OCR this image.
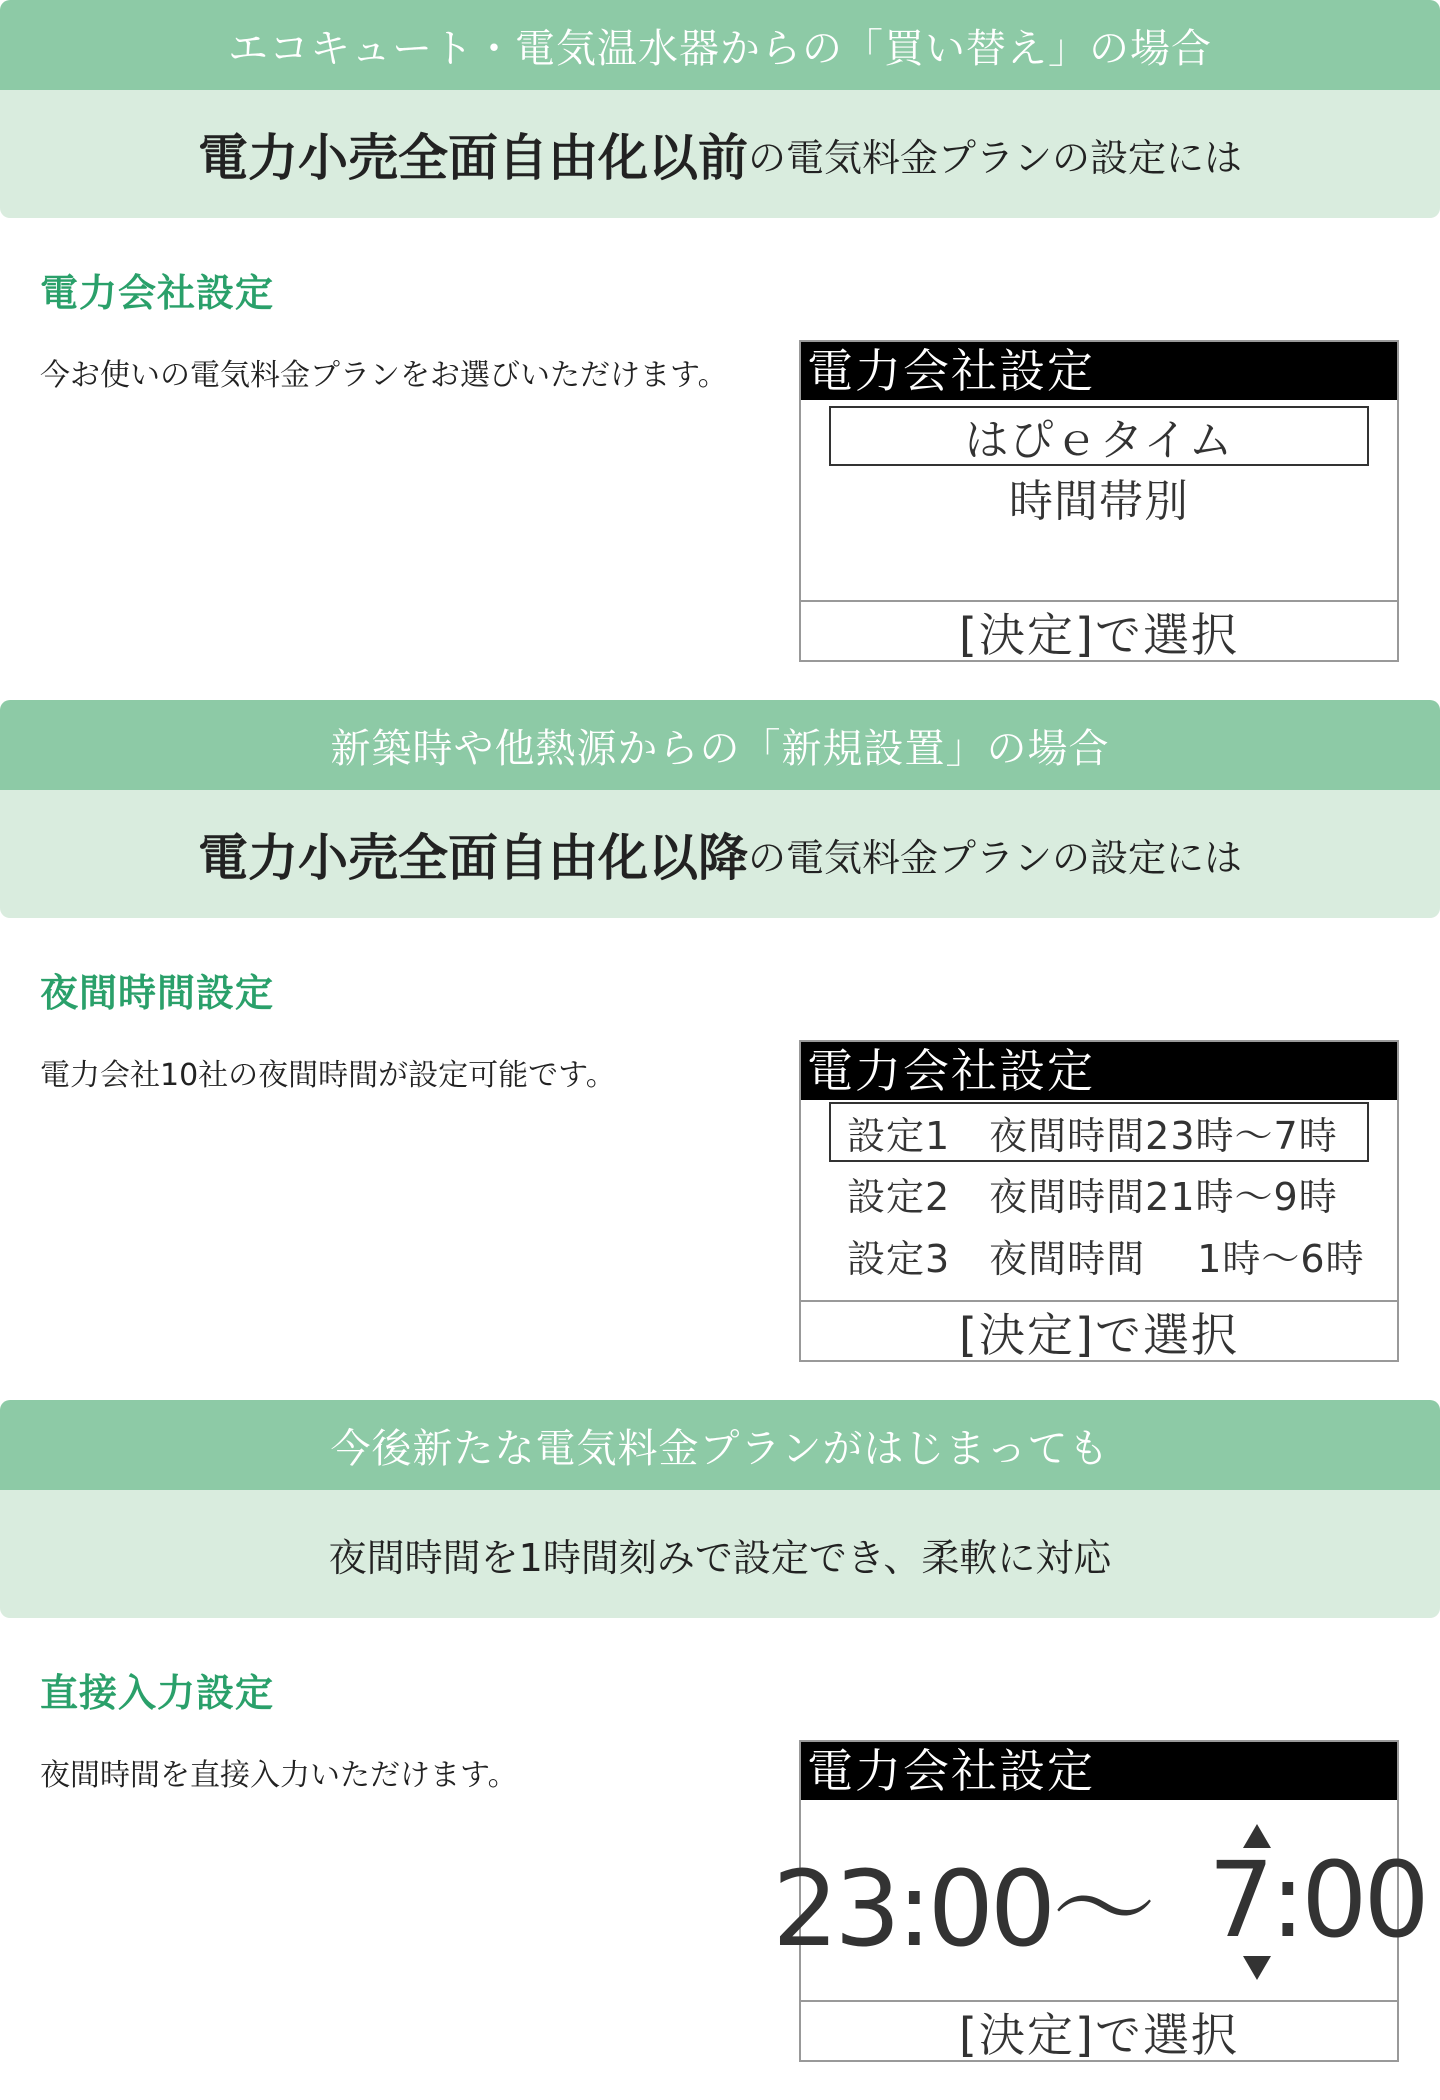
エコキュート・電気温水器からの「買い替え」の場合
電力小売全面自由化以前 の電気料金プランの設定には
電力会社設定
今お使いの電気料金プランをお選びいただけます。 電力会社設定
はぴｅタイム
時間帯別
[決定]で選択
新築時や他熱源からの「新規設置」の場合
電力小売全面自由化以降 の電気料金プランの設定には
夜間時間設定
電力会社10社の夜間時間が設定可能です。	電力会社設定
設定1　夜間時間23時〜7時
設定2　夜間時間21時〜9時
設定3　夜間時間　 1時〜6時
[決定]で選択
今後新たな電気料金プランがはじまっても
夜間時間を1時間刻みで設定でき、柔軟に対応
直接入力設定
夜間時間を直接入力いただけます。	電力会社設定
23:00〜 7:00
[決定]で選択
